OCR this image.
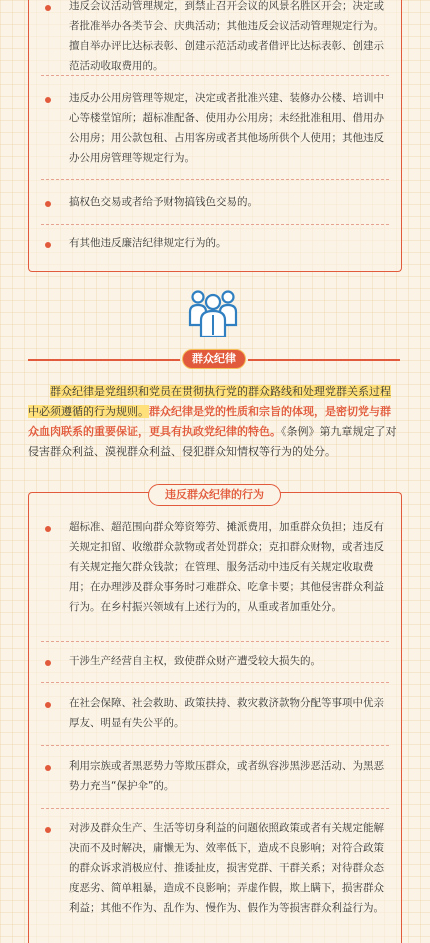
违反会议活动管理规定，到禁止召开会议的风景名胜区开会；决定或者批准举办各类节会、庆典活动；其他违反会议活动管理规定行为。擅自举办评比达标表彰、创建示范活动或者借评比达标表彰、创建示范活动收取费用的。
违反办公用房管理等规定，决定或者批准兴建、装修办公楼、培训中心等楼堂馆所；超标准配备、使用办公用房；未经批准租用、借用办公用房；用公款包租、占用客房或者其他场所供个人使用；其他违反办公用房管理等规定行为。
搞权色交易或者给予财物搞钱色交易的。
有其他违反廉洁纪律规定行为的。
群众纪律
  群众纪律是党组织和党员在贯彻执行党的群众路线和处理党群关系过程中必须遵循的行为规则。群众纪律是党的性质和宗旨的体现，是密切党与群众血肉联系的重要保证，更具有执政党纪律的特色。《条例》第九章规定了对侵害群众利益、漠视群众利益、侵犯群众知情权等行为的处分。
超标准、超范围向群众筹资筹劳、摊派费用，加重群众负担；违反有关规定扣留、收缴群众款物或者处罚群众；克扣群众财物，或者违反有关规定拖欠群众钱款；在管理、服务活动中违反有关规定收取费用；在办理涉及群众事务时刁难群众、吃拿卡要；其他侵害群众利益行为。在乡村振兴领域有上述行为的，从重或者加重处分。
干涉生产经营自主权，致使群众财产遭受较大损失的。
在社会保障、社会救助、政策扶持、救灾救济款物分配等事项中优亲厚友、明显有失公平的。
利用宗族或者黑恶势力等欺压群众，或者纵容涉黑涉恶活动、为黑恶势力充当“保护伞”的。
对涉及群众生产、生活等切身利益的问题依照政策或者有关规定能解决而不及时解决，庸懒无为、效率低下，造成不良影响；对符合政策的群众诉求消极应付、推诿扯皮，损害党群、干群关系；对待群众态度恶劣、简单粗暴，造成不良影响；弄虚作假，欺上瞒下，损害群众利益；其他不作为、乱作为、慢作为、假作为等损害群众利益行为。
违反群众纪律的行为
